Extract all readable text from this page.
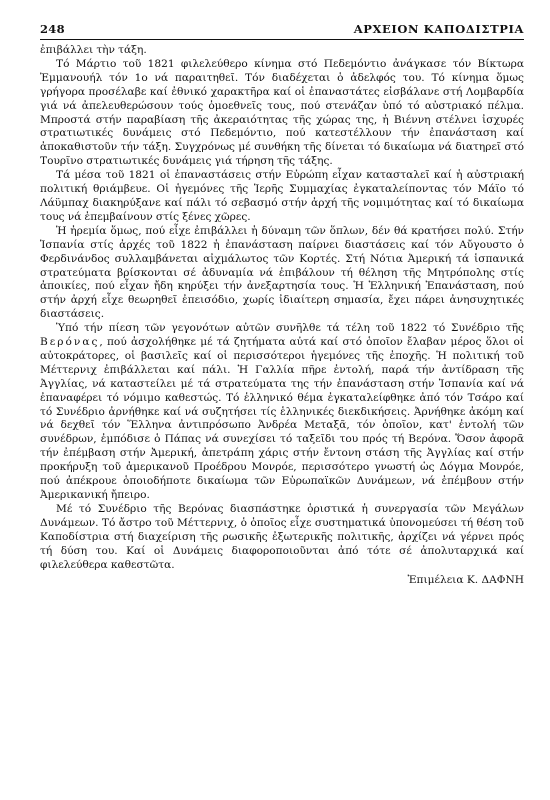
248	ΑΡΧΕΙΟΝ ΚΑΠΟΔΙΣΤΡΙΑ

ἐπιβάλλει τὴν τάξη.

Τό Μάρτιο τοῦ 1821 φιλελεύθερο κίνημα στό Πεδεμόντιο ἀνάγκασε τόν Βίκτωρα Ἐμμανουήλ τόν 1ο νά παραιτηθεῖ. Τόν διαδέχεται ὁ ἀδελφός του. Τό κίνημα ὅμως γρήγορα προσέλαβε καί ἐθνικό χαρακτῆρα καί οἱ ἐπαναστάτες εἰσβάλανε στή Λομβαρδία γιά νά ἀπελευθερώσουν τούς ὁμοεθνεῖς τους, πού στενάζαν ὑπό τό αὐστριακό πέλμα. Μπροστά στήν παραβίαση τῆς ἀκεραιότητας τῆς χώρας της, ἡ Βιέννη στέλνει ἰσχυρές στρατιωτικές δυνάμεις στό Πεδεμόντιο, πού κατεστέλλουν τήν ἐπανάσταση καί ἀποκαθιστοῦν τήν τάξη. Συγχρόνως μέ συνθήκη τῆς δίνεται τό δικαίωμα νά διατηρεῖ στό Τουρῖνο στρατιωτικές δυνάμεις γιά τήρηση τῆς τάξης.

Τά μέσα τοῦ 1821 οἱ ἐπαναστάσεις στήν Εὐρώπη εἶχαν κατασταλεῖ καί ἡ αὐστριακή πολιτική θριάμβευε. Οἱ ἡγεμόνες τῆς Ἱερῆς Συμμαχίας ἐγκαταλείποντας τόν Μάϊο τό Λάϋμπαχ διακηρύξανε καί πάλι τό σεβασμό στήν ἀρχή τῆς νομιμότητας καί τό δικαίωμα τους νά ἐπεμβαίνουν στίς ξένες χῶρες.

Ἡ ἠρεμία ὅμως, πού εἶχε ἐπιβάλλει ἡ δύναμη τῶν ὅπλων, δέν θά κρατήσει πολύ. Στήν Ἱσπανία στίς ἀρχές τοῦ 1822 ἡ ἐπανάσταση παίρνει διαστάσεις καί τόν Αὔγουστο ὁ Φερδινάνδος συλλαμβάνεται αἰχμάλωτος τῶν Κορτές. Στή Νότια Ἀμερική τά ἱσπανικά στρατεύματα βρίσκονται σέ ἀδυναμία νά ἐπιβάλουν τή θέληση τῆς Μητρόπολης στίς ἀποικίες, πού εἶχαν ἤδη κηρύξει τήν ἀνεξαρτησία τους. Ἡ Ἑλληνική Ἐπανάσταση, πού στήν ἀρχή εἶχε θεωρηθεῖ ἐπεισόδιο, χωρίς ἰδιαίτερη σημασία, ἔχει πάρει ἀνησυχητικές διαστάσεις.

Ὑπό τήν πίεση τῶν γεγονότων αὐτῶν συνῆλθε τά τέλη τοῦ 1822 τό Συνέδριο τῆς Βερόνας, πού ἀσχολήθηκε μέ τά ζητήματα αὐτά καί στό ὁποῖον ἔλαβαν μέρος ὅλοι οἱ αὐτοκράτορες, οἱ βασιλεῖς καί οἱ περισσότεροι ἡγεμόνες τῆς ἐποχῆς. Ἡ πολιτική τοῦ Μέττερνιχ ἐπιβάλλεται καί πάλι. Ἡ Γαλλία πῆρε ἐντολή, παρά τήν ἀντίδραση τῆς Ἀγγλίας, νά καταστείλει μέ τά στρατεύματα της τήν ἐπανάσταση στήν Ἱσπανία καί νά ἐπαναφέρει τό νόμιμο καθεστώς. Τό ἑλληνικό θέμα ἐγκαταλείφθηκε ἀπό τόν Τσάρο καί τό Συνέδριο ἀρνήθηκε καί νά συζητήσει τίς ἑλληνικές διεκδικήσεις. Ἀρνήθηκε ἀκόμη καί νά δεχθεῖ τόν Ἕλληνα ἀντιπρόσωπο Ἀνδρέα Μεταξᾶ, τόν ὁποῖον, κατ' ἐντολή τῶν συνέδρων, ἐμπόδισε ὁ Πάπας νά συνεχίσει τό ταξεῖδι του πρός τή Βερόνα. Ὅσον ἀφορᾶ τήν ἐπέμβαση στήν Ἀμερική, ἀπετράπη χάρις στήν ἔντονη στάση τῆς Ἀγγλίας καί στήν προκήρυξη τοῦ ἀμερικανοῦ Προέδρου Μονρόε, περισσότερο γνωστή ὡς Δόγμα Μονρόε, πού ἀπέκρουε ὁποιοδήποτε δικαίωμα τῶν Εὐρωπαϊκῶν Δυνάμεων, νά ἐπέμβουν στήν Ἀμερικανική ἤπειρο.

Μέ τό Συνέδριο τῆς Βερόνας διασπάστηκε ὁριστικά ἡ συνεργασία τῶν Μεγάλων Δυνάμεων. Τό ἄστρο τοῦ Μέττερνιχ, ὁ ὁποῖος εἶχε συστηματικά ὑπονομεύσει τή θέση τοῦ Καποδίστρια στή διαχείριση τῆς ρωσικῆς ἐξωτερικῆς πολιτικῆς, ἀρχίζει νά γέρνει πρός τή δύση του. Καί οἱ Δυνάμεις διαφοροποιοῦνται ἀπό τότε σέ ἀπολυταρχικά καί φιλελεύθερα καθεστῶτα.

Ἐπιμέλεια Κ. ΔΑΦΝΗ
